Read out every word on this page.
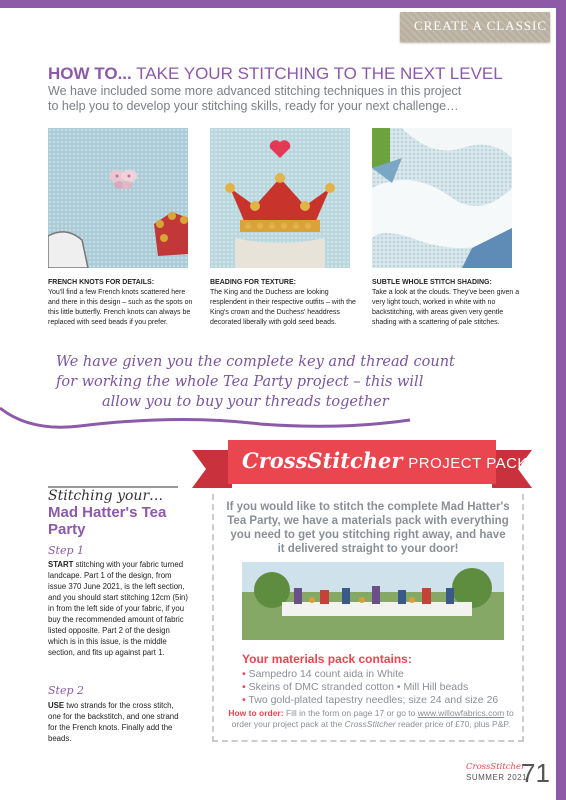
CREATE A CLASSIC
HOW TO... TAKE YOUR STITCHING TO THE NEXT LEVEL
We have included some more advanced stitching techniques in this project to help you to develop your stitching skills, ready for your next challenge…
FRENCH KNOTS FOR DETAILS:
You'll find a few French knots scattered here and there in this design – such as the spots on this little butterfly. French knots can always be replaced with seed beads if you prefer.
BEADING FOR TEXTURE:
The King and the Duchess are looking resplendent in their respective outfits – with the King's crown and the Duchess' headdress decorated liberally with gold seed beads.
SUBTLE WHOLE STITCH SHADING:
Take a look at the clouds. They've been given a very light touch, worked in white with no backstitching, with areas given very gentle shading with a scattering of pale stitches.
We have given you the complete key and thread count
for working the whole Tea Party project – this will
allow you to buy your threads together
CrossStitcher PROJECT PACK
If you would like to stitch the complete Mad Hatter's Tea Party, we have a materials pack with everything you need to get you stitching right away, and have it delivered straight to your door!
Your materials pack contains:
• Sampedro 14 count aida in White
• Skeins of DMC stranded cotton • Mill Hill beads
• Two gold-plated tapestry needles; size 24 and size 26
How to order: Fill in the form on page 17 or go to www.willowfabrics.com to order your project pack at the CrossStitcher reader price of £70, plus P&P.
Stitching your…
Mad Hatter's Tea Party
Step 1
START stitching with your fabric turned landcape. Part 1 of the design, from issue 370 June 2021, is the left section, and you should start stitching 12cm (5in) in from the left side of your fabric, if you buy the recommended amount of fabric listed opposite. Part 2 of the design which is in this issue, is the middle section, and fits up against part 1.
Step 2
USE two strands for the cross stitch, one for the backstitch, and one strand for the French knots. Finally add the beads.
CrossStitcher
SUMMER 2021
71
PassionForum.ru
